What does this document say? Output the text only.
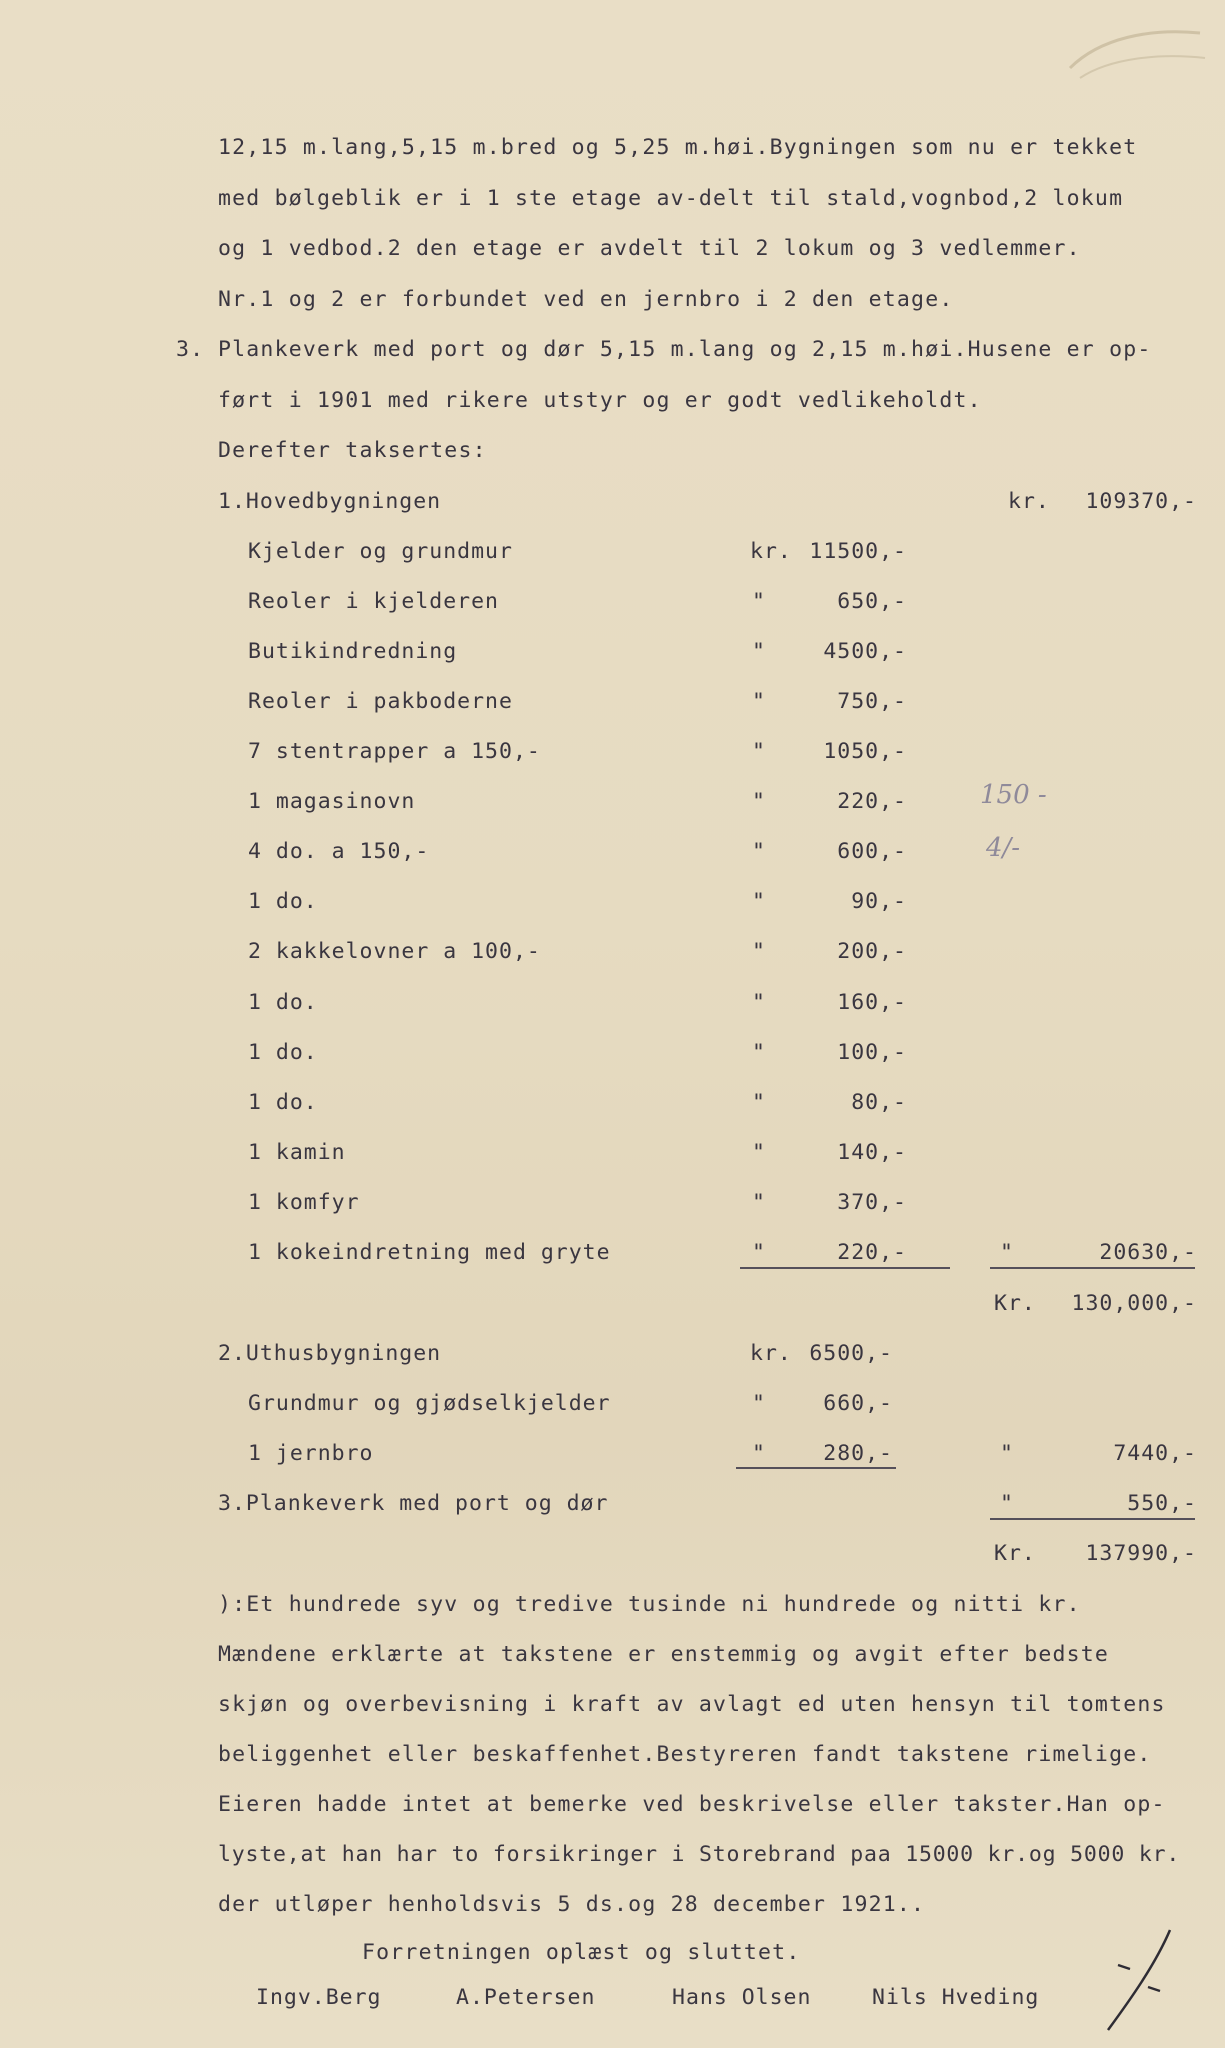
12,15 m.lang,5,15 m.bred og 5,25 m.høi.Bygningen som nu er tekket
med bølgeblik er i 1 ste etage av-delt til stald,vognbod,2 lokum
og 1 vedbod.2 den etage er avdelt til 2 lokum og 3 vedlemmer.
Nr.1 og 2 er forbundet ved en jernbro i 2 den etage.
3. Plankeverk med port og dør 5,15 m.lang og 2,15 m.høi.Husene er op-
ført i 1901 med rikere utstyr og er godt vedlikeholdt.
Derefter taksertes:
1.Hovedbygningen	kr. 109370,-
Kjelder og grundmur	kr. 11500,-
Reoler i kjelderen	"	650,-
Butikindredning	"	4500,-
Reoler i pakboderne	"	750,-
7 stentrapper a 150,-	"	1050,-
1 magasinovn	"	220,-
4 do. a 150,-	"	600,-
1 do.	"	90,-
2 kakkelovner a 100,-	"	200,-
1 do.	"	160,-
1 do.	"	100,-
1 do.	"	80,-
1 kamin	"	140,-
1 komfyr	"	370,-
1 kokeindretning med gryte	"	220,-	"	20630,-
Kr. 130,000,-
2.Uthusbygningen	kr. 6500,-
Grundmur og gjødselkjelder	"	660,-
1 jernbro	"	280,-	"	7440,-
3.Plankeverk med port og dør	"	550,-
Kr. 137990,-
):Et hundrede syv og tredive tusinde ni hundrede og nitti kr.
Mændene erklærte at takstene er enstemmig og avgit efter bedste
skjøn og overbevisning i kraft av avlagt ed uten hensyn til tomtens
beliggenhet eller beskaffenhet.Bestyreren fandt takstene rimelige.
Eieren hadde intet at bemerke ved beskrivelse eller takster.Han op-
lyste,at han har to forsikringer i Storebrand paa 15000 kr.og 5000 kr.
der utløper henholdsvis 5 ds.og 28 december 1921..
Forretningen oplæst og sluttet.
Ingv.Berg	A.Petersen	Hans Olsen	Nils Hveding
150 -
4/-
